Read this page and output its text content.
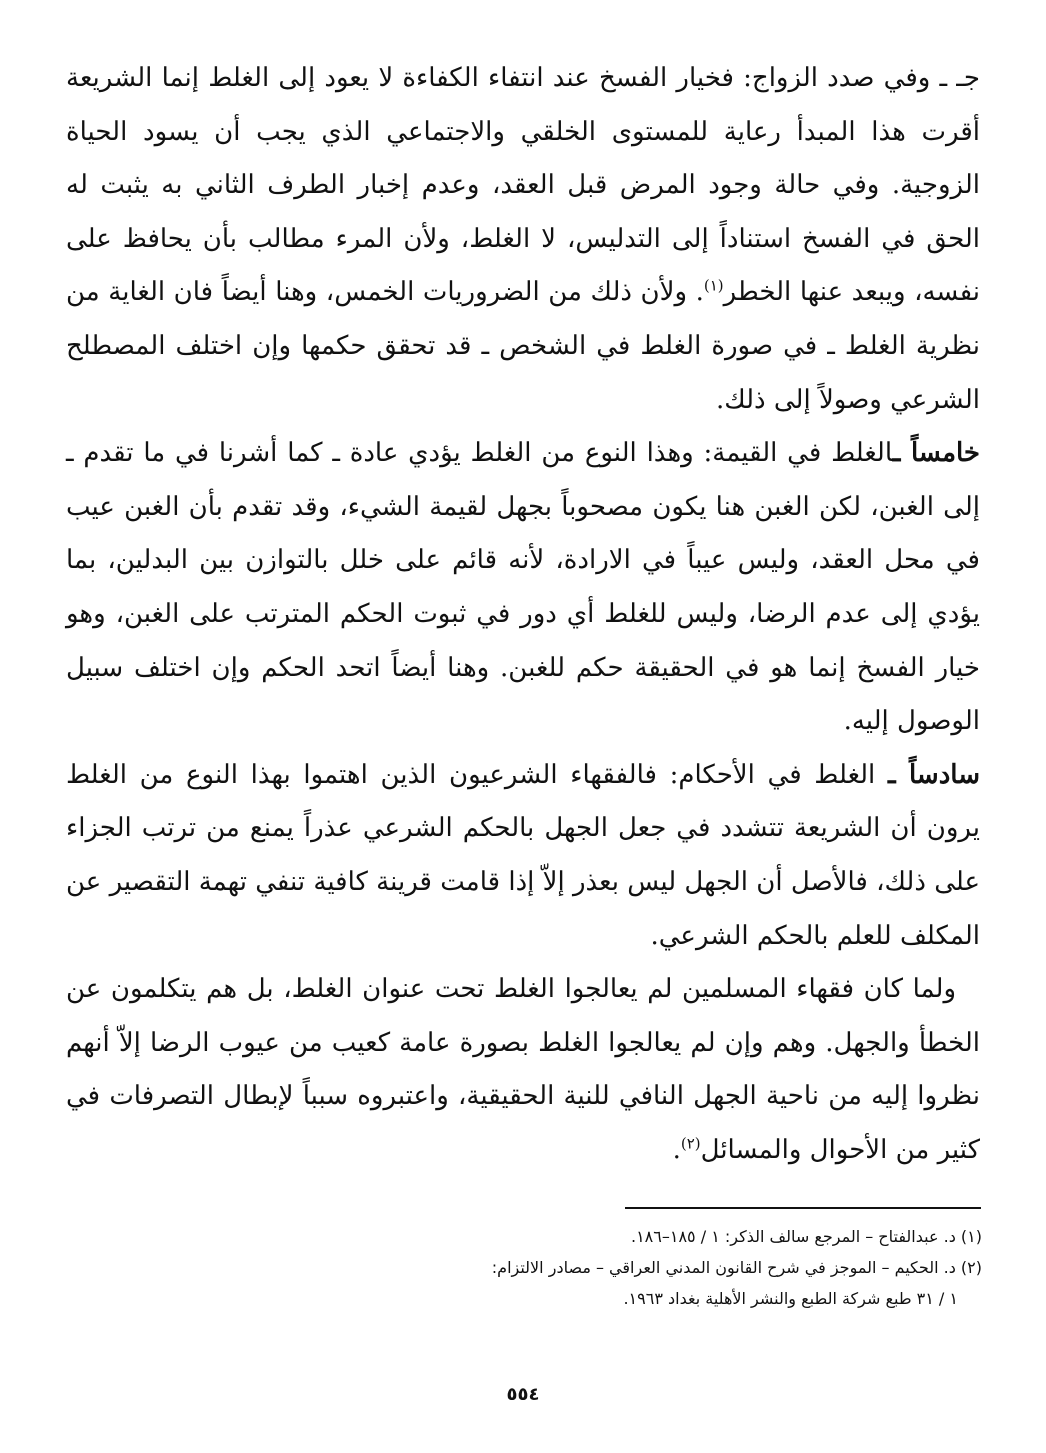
جـ ـ وفي صدد الزواج: فخيار الفسخ عند انتفاء الكفاءة لا يعود إلى الغلط إنما الشريعة أقرت هذا المبدأ رعاية للمستوى الخلقي والاجتماعي الذي يجب أن يسود الحياة الزوجية. وفي حالة وجود المرض قبل العقد، وعدم إخبار الطرف الثاني به يثبت له الحق في الفسخ استناداً إلى التدليس، لا الغلط، ولأن المرء مطالب بأن يحافظ على نفسه، ويبعد عنها الخطر$^{(١)}$. ولأن ذلك من الضروريات الخمس، وهنا أيضاً فان الغاية من نظرية الغلط ـ في صورة الغلط في الشخص ـ قد تحقق حكمها وإن اختلف المصطلح الشرعي وصولاً إلى ذلك.

خامساً ـالغلط في القيمة: وهذا النوع من الغلط يؤدي عادة ـ كما أشرنا في ما تقدم ـ إلى الغبن، لكن الغبن هنا يكون مصحوباً بجهل لقيمة الشيء، وقد تقدم بأن الغبن عيب في محل العقد، وليس عيباً في الارادة، لأنه قائم على خلل بالتوازن بين البدلين، بما يؤدي إلى عدم الرضا، وليس للغلط أي دور في ثبوت الحكم المترتب على الغبن، وهو خيار الفسخ إنما هو في الحقيقة حكم للغبن. وهنا أيضاً اتحد الحكم وإن اختلف سبيل الوصول إليه.

سادساً ـ الغلط في الأحكام: فالفقهاء الشرعيون الذين اهتموا بهذا النوع من الغلط يرون أن الشريعة تتشدد في جعل الجهل بالحكم الشرعي عذراً يمنع من ترتب الجزاء على ذلك، فالأصل أن الجهل ليس بعذر إلاّ إذا قامت قرينة كافية تنفي تهمة التقصير عن المكلف للعلم بالحكم الشرعي.

ولما كان فقهاء المسلمين لم يعالجوا الغلط تحت عنوان الغلط، بل هم يتكلمون عن الخطأ والجهل. وهم وإن لم يعالجوا الغلط بصورة عامة كعيب من عيوب الرضا إلاّ أنهم نظروا إليه من ناحية الجهل النافي للنية الحقيقية، واعتبروه سبباً لإبطال التصرفات في كثير من الأحوال والمسائل$^{(٢)}$.

(١) د. عبدالفتاح – المرجع سالف الذكر: ١ / ١٨٥–١٨٦.

(٢) د. الحكيم – الموجز في شرح القانون المدني العراقي – مصادر الالتزام:

١ / ٣١ طبع شركة الطبع والنشر الأهلية بغداد ١٩٦٣.

٥٥٤
